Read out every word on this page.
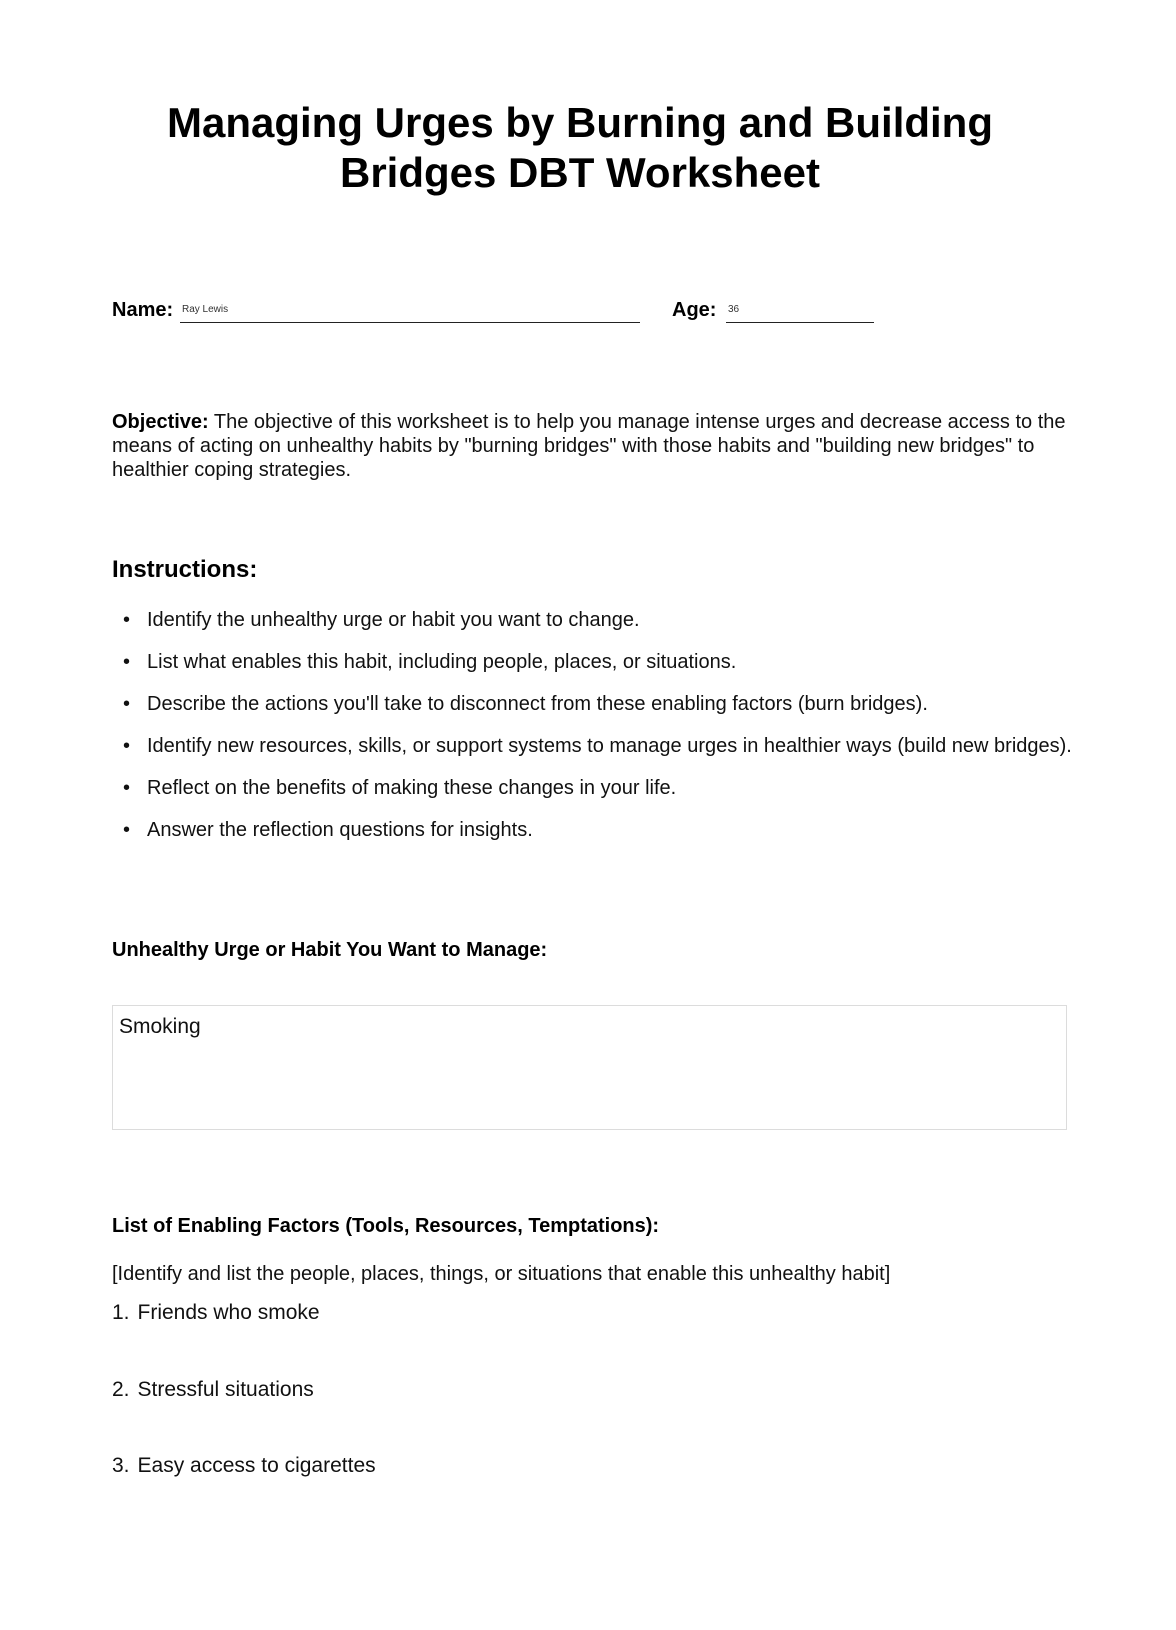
Managing Urges by Burning and Building
Bridges DBT Worksheet
Name: Ray Lewis	Age: 36

Objective: The objective of this worksheet is to help you manage intense urges and decrease access to the means of acting on unhealthy habits by "burning bridges" with those habits and "building new bridges" to healthier coping strategies.

Instructions:
• Identify the unhealthy urge or habit you want to change.
• List what enables this habit, including people, places, or situations.
• Describe the actions you'll take to disconnect from these enabling factors (burn bridges).
• Identify new resources, skills, or support systems to manage urges in healthier ways (build new bridges).
• Reflect on the benefits of making these changes in your life.
• Answer the reflection questions for insights.
Unhealthy Urge or Habit You Want to Manage:
Smoking
List of Enabling Factors (Tools, Resources, Temptations):

[Identify and list the people, places, things, or situations that enable this unhealthy habit]

1. Friends who smoke
2. Stressful situations
3. Easy access to cigarettes
